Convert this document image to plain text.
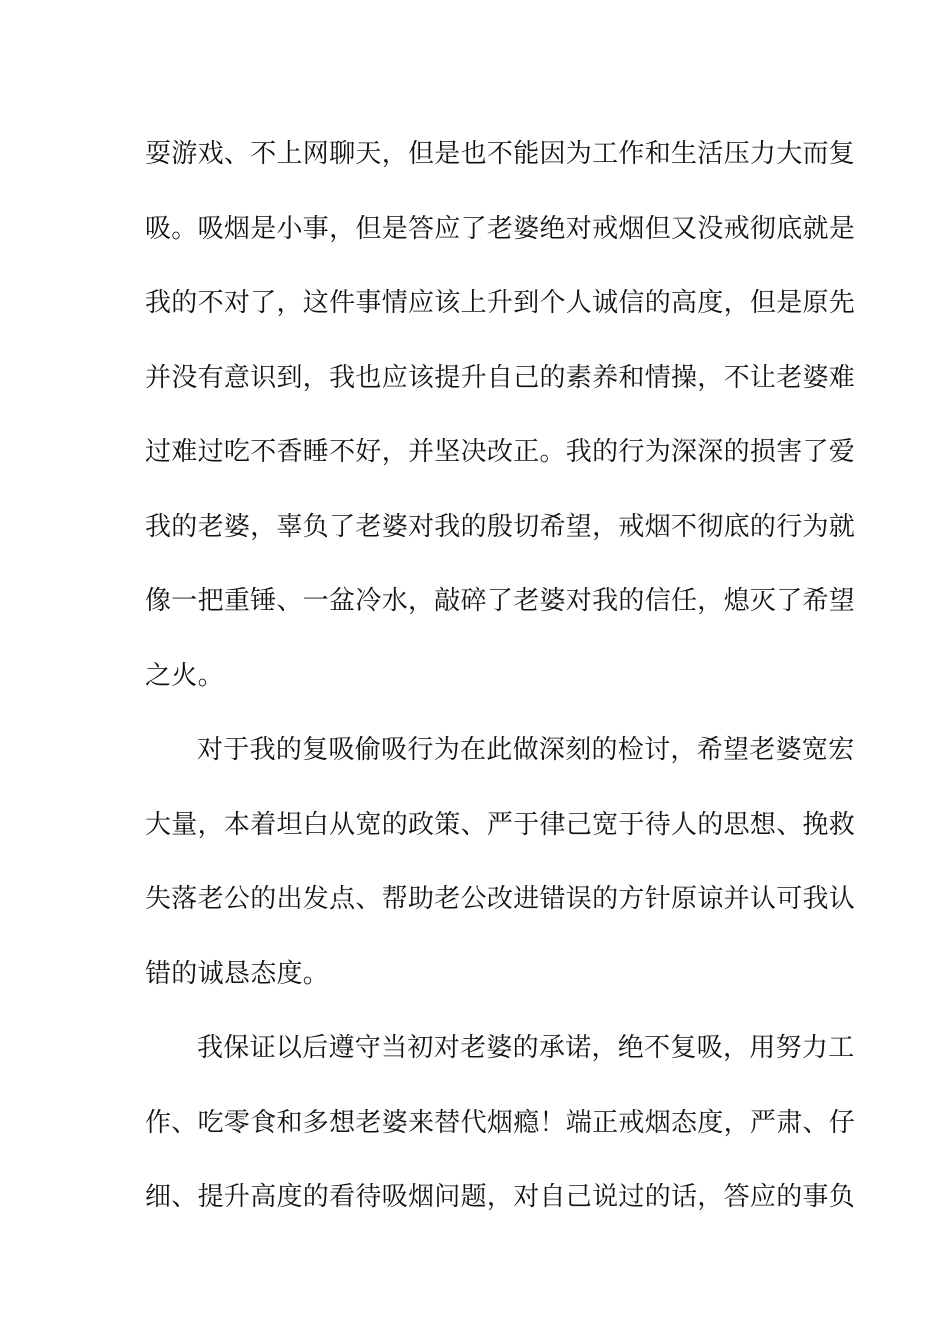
耍游戏、不上网聊天，但是也不能因为工作和生活压力大而复
吸。吸烟是小事，但是答应了老婆绝对戒烟但又没戒彻底就是
我的不对了，这件事情应该上升到个人诚信的高度，但是原先
并没有意识到，我也应该提升自己的素养和情操，不让老婆难
过难过吃不香睡不好，并坚决改正。我的行为深深的损害了爱
我的老婆，辜负了老婆对我的殷切希望，戒烟不彻底的行为就
像一把重锤、一盆冷水，敲碎了老婆对我的信任，熄灭了希望
之火。
对于我的复吸偷吸行为在此做深刻的检讨，希望老婆宽宏
大量，本着坦白从宽的政策、严于律己宽于待人的思想、挽救
失落老公的出发点、帮助老公改进错误的方针原谅并认可我认
错的诚恳态度。
我保证以后遵守当初对老婆的承诺，绝不复吸，用努力工
作、吃零食和多想老婆来替代烟瘾！端正戒烟态度，严肃、仔
细、提升高度的看待吸烟问题，对自己说过的话，答应的事负
